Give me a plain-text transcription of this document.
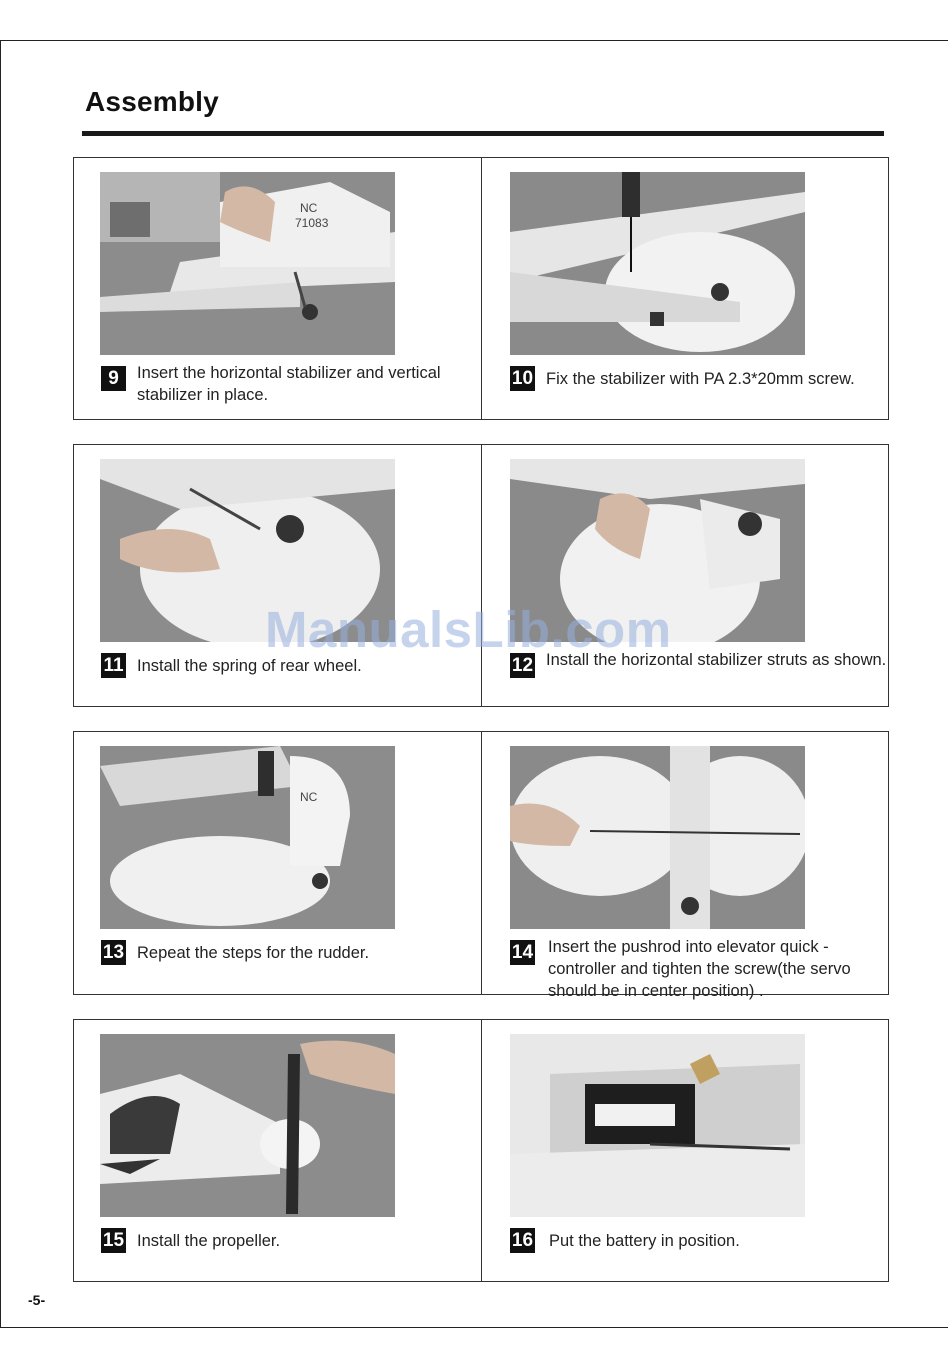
Assembly
NC
71083
9	Insert the horizontal stabilizer and vertical stabilizer in place.
10 Fix the stabilizer with PA 2.3*20mm screw.
11 Install the spring of rear wheel.	12 Install the horizontal stabilizer struts as shown.
NC
13 Repeat the steps for the rudder.	14 Insert the pushrod into elevator quick -controller and tighten the screw(the servo should be in center position) .
15 Install the propeller.	16 Put the battery in position.
ManualsLib.com
-5-
